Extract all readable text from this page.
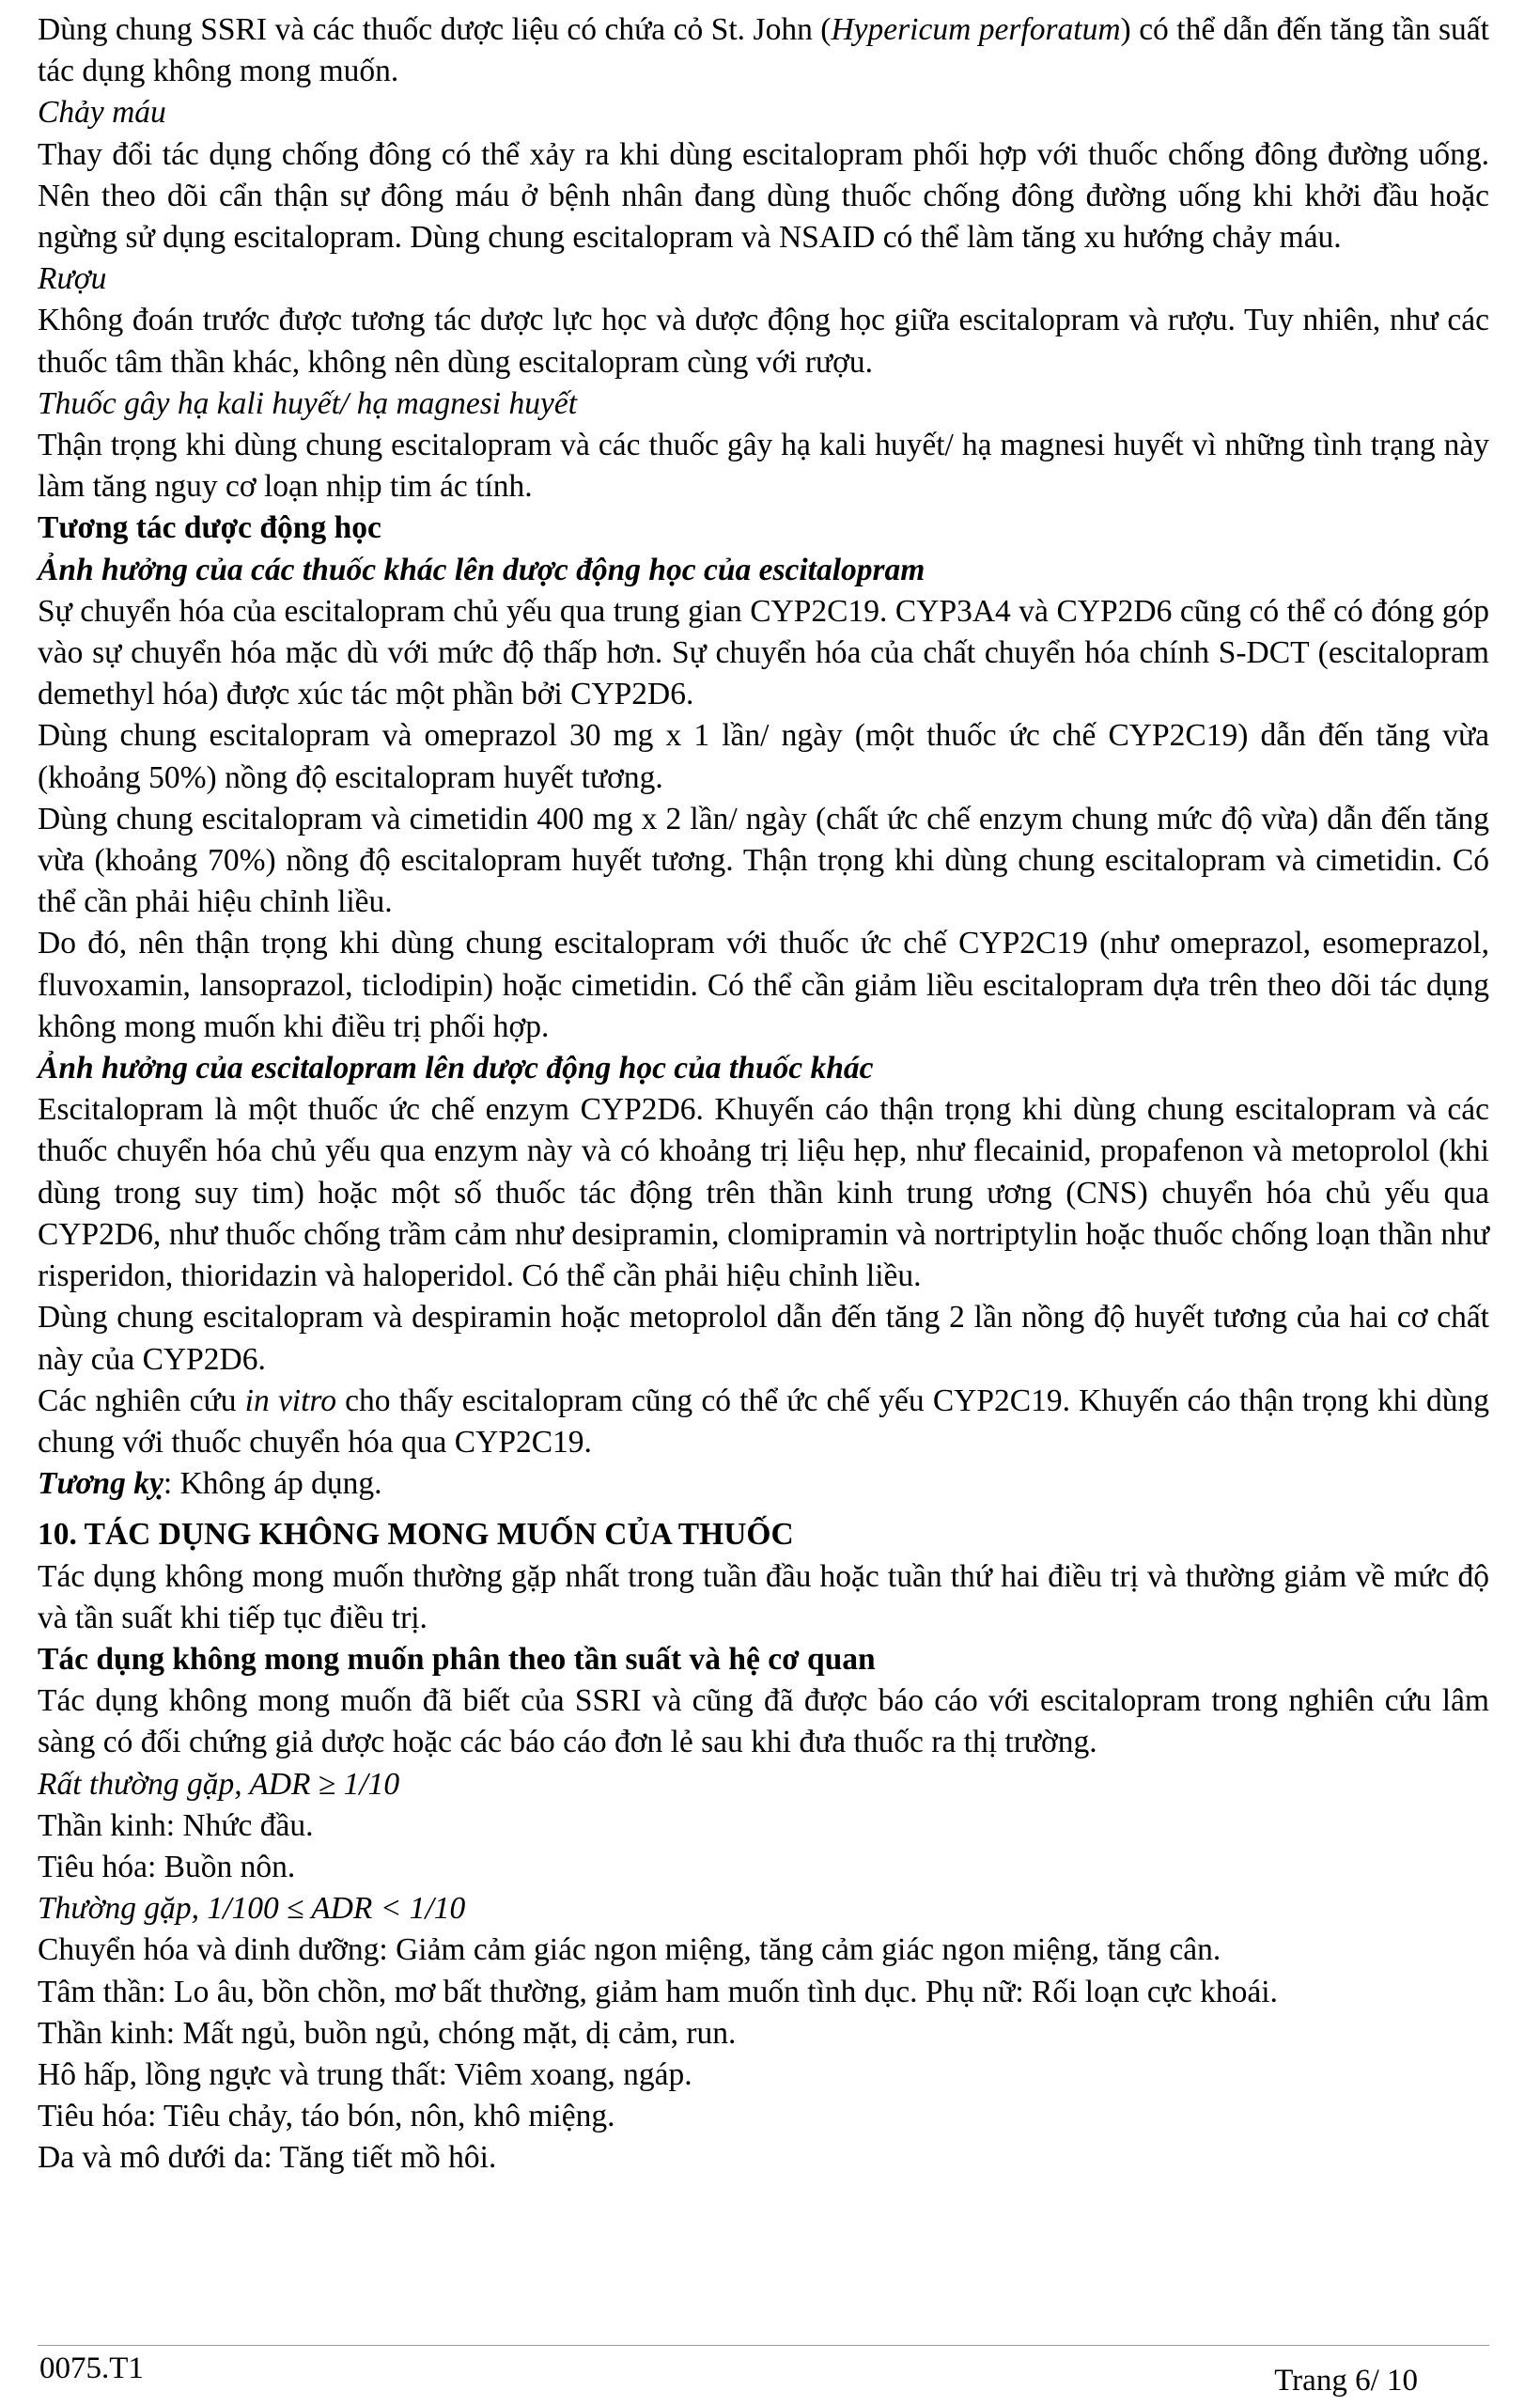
Dùng chung SSRI và các thuốc dược liệu có chứa cỏ St. John (Hypericum perforatum) có thể dẫn đến tăng tần suất tác dụng không mong muốn.

Chảy máu

Thay đổi tác dụng chống đông có thể xảy ra khi dùng escitalopram phối hợp với thuốc chống đông đường uống. Nên theo dõi cẩn thận sự đông máu ở bệnh nhân đang dùng thuốc chống đông đường uống khi khởi đầu hoặc ngừng sử dụng escitalopram. Dùng chung escitalopram và NSAID có thể làm tăng xu hướng chảy máu.

Rượu

Không đoán trước được tương tác dược lực học và dược động học giữa escitalopram và rượu. Tuy nhiên, như các thuốc tâm thần khác, không nên dùng escitalopram cùng với rượu.

Thuốc gây hạ kali huyết/ hạ magnesi huyết

Thận trọng khi dùng chung escitalopram và các thuốc gây hạ kali huyết/ hạ magnesi huyết vì những tình trạng này làm tăng nguy cơ loạn nhịp tim ác tính.

Tương tác dược động học

Ảnh hưởng của các thuốc khác lên dược động học của escitalopram

Sự chuyển hóa của escitalopram chủ yếu qua trung gian CYP2C19. CYP3A4 và CYP2D6 cũng có thể có đóng góp vào sự chuyển hóa mặc dù với mức độ thấp hơn. Sự chuyển hóa của chất chuyển hóa chính S-DCT (escitalopram demethyl hóa) được xúc tác một phần bởi CYP2D6.

Dùng chung escitalopram và omeprazol 30 mg x 1 lần/ ngày (một thuốc ức chế CYP2C19) dẫn đến tăng vừa (khoảng 50%) nồng độ escitalopram huyết tương.

Dùng chung escitalopram và cimetidin 400 mg x 2 lần/ ngày (chất ức chế enzym chung mức độ vừa) dẫn đến tăng vừa (khoảng 70%) nồng độ escitalopram huyết tương. Thận trọng khi dùng chung escitalopram và cimetidin. Có thể cần phải hiệu chỉnh liều.

Do đó, nên thận trọng khi dùng chung escitalopram với thuốc ức chế CYP2C19 (như omeprazol, esomeprazol, fluvoxamin, lansoprazol, ticlodipin) hoặc cimetidin. Có thể cần giảm liều escitalopram dựa trên theo dõi tác dụng không mong muốn khi điều trị phối hợp.

Ảnh hưởng của escitalopram lên dược động học của thuốc khác

Escitalopram là một thuốc ức chế enzym CYP2D6. Khuyến cáo thận trọng khi dùng chung escitalopram và các thuốc chuyển hóa chủ yếu qua enzym này và có khoảng trị liệu hẹp, như flecainid, propafenon và metoprolol (khi dùng trong suy tim) hoặc một số thuốc tác động trên thần kinh trung ương (CNS) chuyển hóa chủ yếu qua CYP2D6, như thuốc chống trầm cảm như desipramin, clomipramin và nortriptylin hoặc thuốc chống loạn thần như risperidon, thioridazin và haloperidol. Có thể cần phải hiệu chỉnh liều.

Dùng chung escitalopram và despiramin hoặc metoprolol dẫn đến tăng 2 lần nồng độ huyết tương của hai cơ chất này của CYP2D6.

Các nghiên cứu in vitro cho thấy escitalopram cũng có thể ức chế yếu CYP2C19. Khuyến cáo thận trọng khi dùng chung với thuốc chuyển hóa qua CYP2C19.

Tương kỵ: Không áp dụng.

10. TÁC DỤNG KHÔNG MONG MUỐN CỦA THUỐC

Tác dụng không mong muốn thường gặp nhất trong tuần đầu hoặc tuần thứ hai điều trị và thường giảm về mức độ và tần suất khi tiếp tục điều trị.

Tác dụng không mong muốn phân theo tần suất và hệ cơ quan

Tác dụng không mong muốn đã biết của SSRI và cũng đã được báo cáo với escitalopram trong nghiên cứu lâm sàng có đối chứng giả dược hoặc các báo cáo đơn lẻ sau khi đưa thuốc ra thị trường.

Rất thường gặp, ADR ≥ 1/10

Thần kinh: Nhức đầu.

Tiêu hóa: Buồn nôn.

Thường gặp, 1/100 ≤ ADR < 1/10

Chuyển hóa và dinh dưỡng: Giảm cảm giác ngon miệng, tăng cảm giác ngon miệng, tăng cân.

Tâm thần: Lo âu, bồn chồn, mơ bất thường, giảm ham muốn tình dục. Phụ nữ: Rối loạn cực khoái.

Thần kinh: Mất ngủ, buồn ngủ, chóng mặt, dị cảm, run.

Hô hấp, lồng ngực và trung thất: Viêm xoang, ngáp.

Tiêu hóa: Tiêu chảy, táo bón, nôn, khô miệng.

Da và mô dưới da: Tăng tiết mồ hôi.

0075.T1	Trang 6/ 10
